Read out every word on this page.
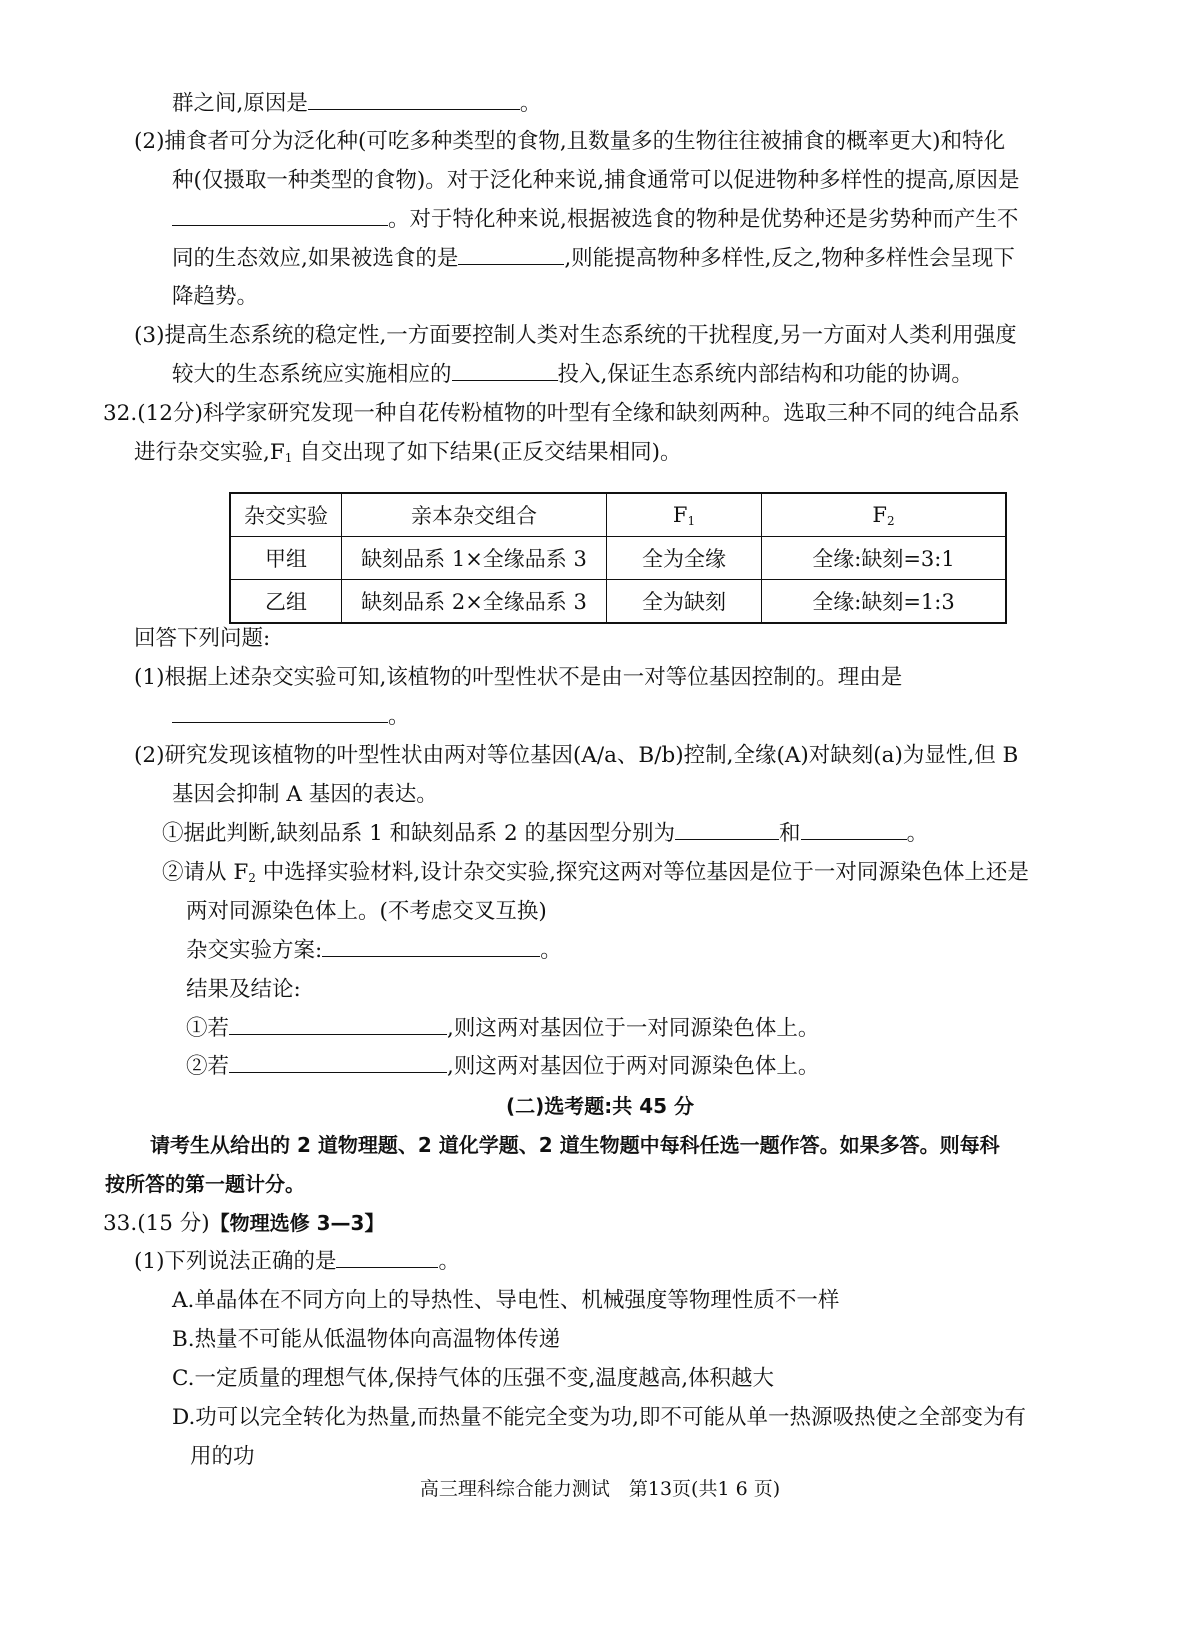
群之间,原因是	。
(2)捕食者可分为泛化种(可吃多种类型的食物,且数量多的生物往往被捕食的概率更大)和特化
种(仅摄取一种类型的食物)。对于泛化种来说,捕食通常可以促进物种多样性的提高,原因是
。对于特化种来说,根据被选食的物种是优势种还是劣势种而产生不
同的生态效应,如果被选食的是	,则能提高物种多样性,反之,物种多样性会呈现下
降趋势。
(3)提高生态系统的稳定性,一方面要控制人类对生态系统的干扰程度,另一方面对人类利用强度
较大的生态系统应实施相应的	投入,保证生态系统内部结构和功能的协调。
32.(12分)科学家研究发现一种自花传粉植物的叶型有全缘和缺刻两种。选取三种不同的纯合品系
进行杂交实验$,F_1$ 自交出现了如下结果(正反交结果相同)。
杂交实验	亲本杂交组合	$F_1$	$F_2$
甲组	缺刻品系 1×全缘品系 3	全为全缘	全缘:缺刻=3:1
乙组	缺刻品系 2×全缘品系 3	全为缺刻	全缘:缺刻=1:3
回答下列问题:
(1)根据上述杂交实验可知,该植物的叶型性状不是由一对等位基因控制的。理由是
。
(2)研究发现该植物的叶型性状由两对等位基因(A/a、B/b)控制,全缘(A)对缺刻(a)为显性,但 B
基因会抑制 A 基因的表达。
①据此判断,缺刻品系 1 和缺刻品系 2 的基因型分别为	和	。
②请从 $F_2$ 中选择实验材料,设计杂交实验,探究这两对等位基因是位于一对同源染色体上还是
两对同源染色体上。(不考虑交叉互换)
杂交实验方案:	。
结果及结论:
①若	,则这两对基因位于一对同源染色体上。
②若	,则这两对基因位于两对同源染色体上。
(二)选考题:共 45 分
请考生从给出的 2 道物理题、2 道化学题、2 道生物题中每科任选一题作答。如果多答。则每科
按所答的第一题计分。
33.(15 分)【物理选修 3—3】
(1)下列说法正确的是	。
A.单晶体在不同方向上的导热性、导电性、机械强度等物理性质不一样
B.热量不可能从低温物体向高温物体传递
C.一定质量的理想气体,保持气体的压强不变,温度越高,体积越大
D.功可以完全转化为热量,而热量不能完全变为功,即不可能从单一热源吸热使之全部变为有
用的功
高三理科综合能力测试　第13页(共1 6 页)
